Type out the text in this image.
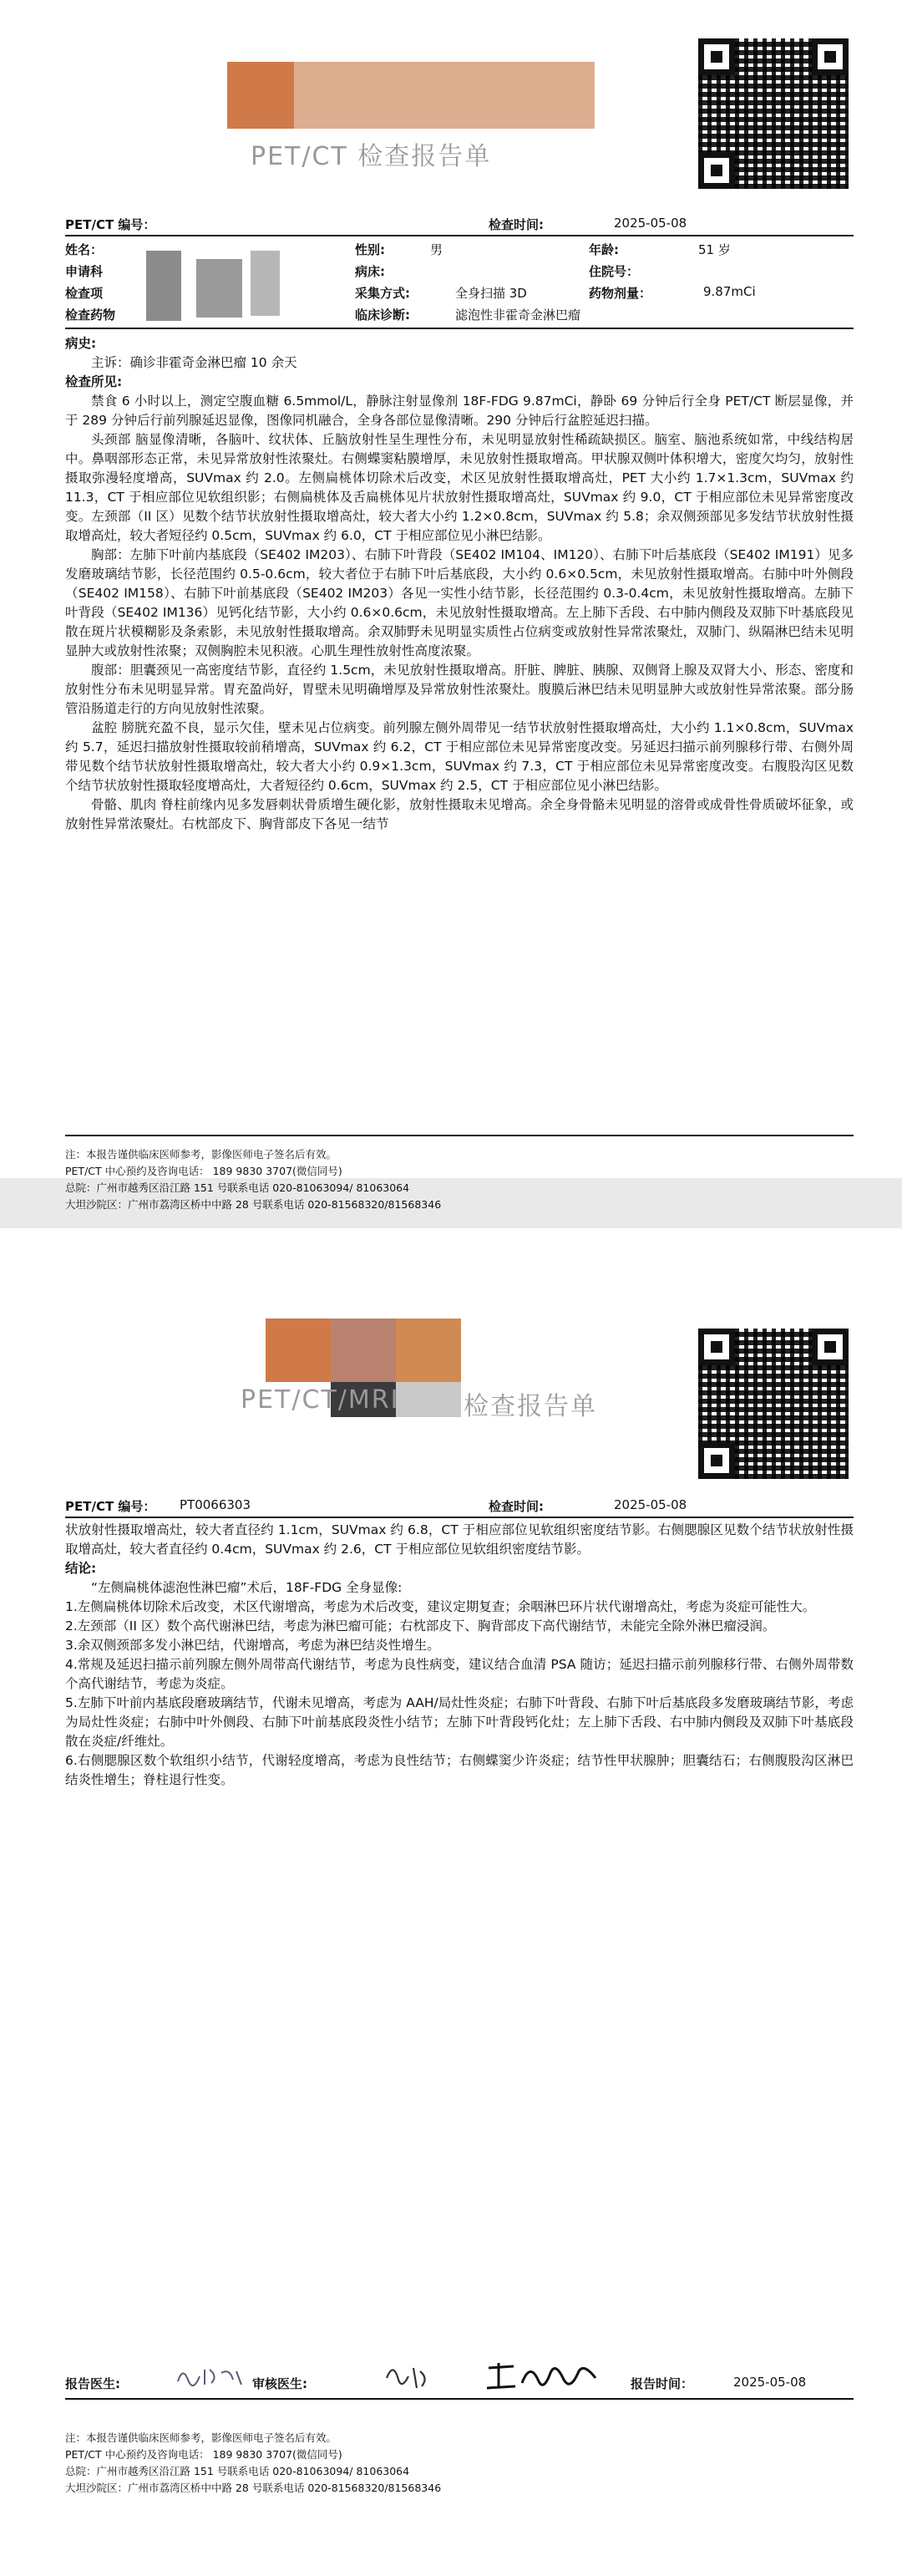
PET/CT 检查报告单
PET/CT 编号：	检查时间:	2025-05-08
姓名：	性别:	男	年龄:	51 岁
申请科	病床:	住院号：
检查项	采集方式:	全身扫描 3D	药物剂量：	9.87mCi
检查药物	临床诊断:	滤泡性非霍奇金淋巴瘤

病史:

主诉：确诊非霍奇金淋巴瘤 10 余天

检查所见:

禁食 6 小时以上，测定空腹血糖 6.5mmol/L，静脉注射显像剂 18F-FDG 9.87mCi，静卧 69 分钟后行全身 PET/CT 断层显像，并于 289 分钟后行前列腺延迟显像，图像同机融合，全身各部位显像清晰。290 分钟后行盆腔延迟扫描。

头颈部 脑显像清晰，各脑叶、纹状体、丘脑放射性呈生理性分布，未见明显放射性稀疏缺损区。脑室、脑池系统如常，中线结构居中。鼻咽部形态正常，未见异常放射性浓聚灶。右侧蝶窦粘膜增厚，未见放射性摄取增高。甲状腺双侧叶体积增大，密度欠均匀，放射性摄取弥漫轻度增高，SUVmax 约 2.0。左侧扁桃体切除术后改变，术区见放射性摄取增高灶，PET 大小约 1.7×1.3cm，SUVmax 约 11.3，CT 于相应部位见软组织影；右侧扁桃体及舌扁桃体见片状放射性摄取增高灶，SUVmax 约 9.0，CT 于相应部位未见异常密度改变。左颈部（II 区）见数个结节状放射性摄取增高灶，较大者大小约 1.2×0.8cm，SUVmax 约 5.8；余双侧颈部见多发结节状放射性摄取增高灶，较大者短径约 0.5cm，SUVmax 约 6.0，CT 于相应部位见小淋巴结影。

胸部：左肺下叶前内基底段（SE402 IM203）、右肺下叶背段（SE402 IM104、IM120）、右肺下叶后基底段（SE402 IM191）见多发磨玻璃结节影，长径范围约 0.5-0.6cm，较大者位于右肺下叶后基底段，大小约 0.6×0.5cm，未见放射性摄取增高。右肺中叶外侧段（SE402 IM158）、右肺下叶前基底段（SE402 IM203）各见一实性小结节影，长径范围约 0.3-0.4cm，未见放射性摄取增高。左肺下叶背段（SE402 IM136）见钙化结节影，大小约 0.6×0.6cm，未见放射性摄取增高。左上肺下舌段、右中肺内侧段及双肺下叶基底段见散在斑片状模糊影及条索影，未见放射性摄取增高。余双肺野未见明显实质性占位病变或放射性异常浓聚灶，双肺门、纵隔淋巴结未见明显肿大或放射性浓聚；双侧胸腔未见积液。心肌生理性放射性高度浓聚。

腹部：胆囊颈见一高密度结节影，直径约 1.5cm，未见放射性摄取增高。肝脏、脾脏、胰腺、双侧肾上腺及双肾大小、形态、密度和放射性分布未见明显异常。胃充盈尚好，胃壁未见明确增厚及异常放射性浓聚灶。腹膜后淋巴结未见明显肿大或放射性异常浓聚。部分肠管沿肠道走行的方向见放射性浓聚。

盆腔 膀胱充盈不良，显示欠佳，壁未见占位病变。前列腺左侧外周带见一结节状放射性摄取增高灶，大小约 1.1×0.8cm，SUVmax 约 5.7，延迟扫描放射性摄取较前稍增高，SUVmax 约 6.2，CT 于相应部位未见异常密度改变。另延迟扫描示前列腺移行带、右侧外周带见数个结节状放射性摄取增高灶，较大者大小约 0.9×1.3cm，SUVmax 约 7.3，CT 于相应部位未见异常密度改变。右腹股沟区见数个结节状放射性摄取轻度增高灶，大者短径约 0.6cm，SUVmax 约 2.5，CT 于相应部位见小淋巴结影。

骨骼、肌肉 脊柱前缘内见多发唇刺状骨质增生硬化影，放射性摄取未见增高。余全身骨骼未见明显的溶骨或成骨性骨质破坏征象，或放射性异常浓聚灶。右枕部皮下、胸背部皮下各见一结节

注：本报告谨供临床医师参考，影像医师电子签名后有效。
PET/CT 中心预约及咨询电话： 189 9830 3707(微信同号)
总院：广州市越秀区沿江路 151 号联系电话 020-81063094/ 81063064
大坦沙院区：广州市荔湾区桥中中路 28 号联系电话 020-81568320/81568346
PET/CT/MRI	检查报告单
PET/CT 编号： PT0066303	检查时间:	2025-05-08

状放射性摄取增高灶，较大者直径约 1.1cm，SUVmax 约 6.8，CT 于相应部位见软组织密度结节影。右侧腮腺区见数个结节状放射性摄取增高灶，较大者直径约 0.4cm，SUVmax 约 2.6，CT 于相应部位见软组织密度结节影。

结论:

“左侧扁桃体滤泡性淋巴瘤”术后，18F-FDG 全身显像:

1.左侧扁桃体切除术后改变，术区代谢增高，考虑为术后改变，建议定期复查；余咽淋巴环片状代谢增高灶，考虑为炎症可能性大。

2.左颈部（II 区）数个高代谢淋巴结，考虑为淋巴瘤可能；右枕部皮下、胸背部皮下高代谢结节，未能完全除外淋巴瘤浸润。

3.余双侧颈部多发小淋巴结，代谢增高，考虑为淋巴结炎性增生。

4.常规及延迟扫描示前列腺左侧外周带高代谢结节，考虑为良性病变，建议结合血清 PSA 随访；延迟扫描示前列腺移行带、右侧外周带数个高代谢结节，考虑为炎症。

5.左肺下叶前内基底段磨玻璃结节，代谢未见增高，考虑为 AAH/局灶性炎症；右肺下叶背段、右肺下叶后基底段多发磨玻璃结节影，考虑为局灶性炎症；右肺中叶外侧段、右肺下叶前基底段炎性小结节；左肺下叶背段钙化灶；左上肺下舌段、右中肺内侧段及双肺下叶基底段散在炎症/纤维灶。

6.右侧腮腺区数个软组织小结节，代谢轻度增高，考虑为良性结节；右侧蝶窦少许炎症；结节性甲状腺肿；胆囊结石；右侧腹股沟区淋巴结炎性增生；脊柱退行性变。

报告医生:	审核医生:	报告时间：	2025-05-08
注：本报告谨供临床医师参考，影像医师电子签名后有效。
PET/CT 中心预约及咨询电话： 189 9830 3707(微信同号)
总院：广州市越秀区沿江路 151 号联系电话 020-81063094/ 81063064
大坦沙院区：广州市荔湾区桥中中路 28 号联系电话 020-81568320/81568346
